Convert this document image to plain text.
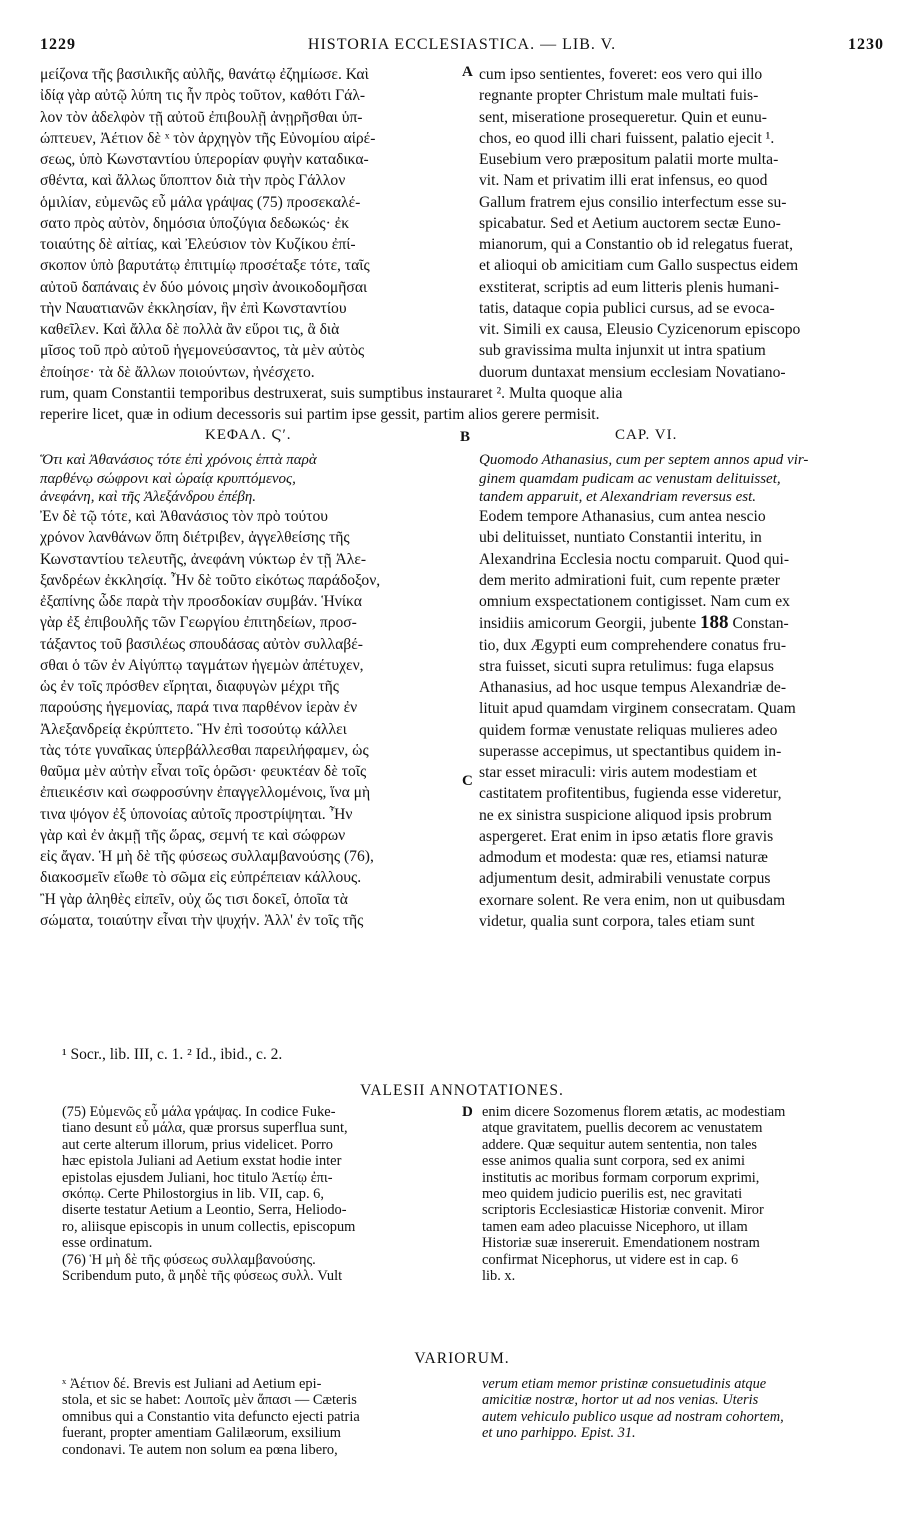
1229	HISTORIA ECCLESIASTICA. — LIB. V.	1230

μείζονα τῆς βασιλικῆς αὐλῆς, θανάτῳ ἐζημίωσε. Καὶ

ἰδίᾳ γὰρ αὐτῷ λύπη τις ἦν πρὸς τοῦτον, καθότι Γάλ-

λον τὸν ἀδελφὸν τῇ αὐτοῦ ἐπιβουλῇ ἀνῃρῆσθαι ὑπ-

ώπτευεν, Ἀέτιον δὲ ˣ τὸν ἀρχηγὸν τῆς Εὐνομίου αἱρέ-

σεως, ὑπὸ Κωνσταντίου ὑπερορίαν φυγὴν καταδικα-

σθέντα, καὶ ἄλλως ὕποπτον διὰ τὴν πρὸς Γάλλον

ὁμιλίαν, εὐμενῶς εὖ μάλα γράψας (75) προσεκαλέ-

σατο πρὸς αὐτὸν, δημόσια ὑποζύγια δεδωκώς· ἐκ

τοιαύτης δὲ αἰτίας, καὶ Ἐλεύσιον τὸν Κυζίκου ἐπί-

σκοπον ὑπὸ βαρυτάτῳ ἐπιτιμίῳ προσέταξε τότε, ταῖς

αὐτοῦ δαπάναις ἐν δύο μόνοις μησὶν ἀνοικοδομῆσαι

τὴν Ναυατιανῶν ἐκκλησίαν, ἣν ἐπὶ Κωνσταντίου

καθεῖλεν. Καὶ ἄλλα δὲ πολλὰ ἂν εὕροι τις, ἃ διὰ

μῖσος τοῦ πρὸ αὐτοῦ ἡγεμονεύσαντος, τὰ μὲν αὐτὸς

ἐποίησε· τὰ δὲ ἄλλων ποιούντων, ἠνέσχετο.

cum ipso sentientes, foveret: eos vero qui illo

regnante propter Christum male multati fuis-

sent, miseratione prosequeretur. Quin et eunu-

chos, eo quod illi chari fuissent, palatio ejecit ¹.

Eusebium vero præpositum palatii morte multa-

vit. Nam et privatim illi erat infensus, eo quod

Gallum fratrem ejus consilio interfectum esse su-

spicabatur. Sed et Aetium auctorem sectæ Euno-

mianorum, qui a Constantio ob id relegatus fuerat,

et alioqui ob amicitiam cum Gallo suspectus eidem

exstiterat, scriptis ad eum litteris plenis humani-

tatis, dataque copia publici cursus, ad se evoca-

vit. Simili ex causa, Eleusio Cyzicenorum episcopo

sub gravissima multa injunxit ut intra spatium

duorum duntaxat mensium ecclesiam Novatiano-

A
rum, quam Constantii temporibus destruxerat, suis sumptibus instauraret ². Multa quoque alia
reperire licet, quæ in odium decessoris sui partim ipse gessit, partim alios gerere permisit.
B
ΚΕΦΑΛ. Ϛʹ.	CAP. VI.

Ὅτι καὶ Ἀθανάσιος τότε ἐπὶ χρόνοις ἑπτὰ παρὰ

παρθένῳ σώφρονι καὶ ὡραίᾳ κρυπτόμενος,

ἀνεφάνη, καὶ τῆς Ἀλεξάνδρου ἐπέβη.

Quomodo Athanasius, cum per septem annos apud vir-

ginem quamdam pudicam ac venustam delituisset,

tandem apparuit, et Alexandriam reversus est.

Ἐν δὲ τῷ τότε, καὶ Ἀθανάσιος τὸν πρὸ τούτου

χρόνον λανθάνων ὅπη διέτριβεν, ἀγγελθείσης τῆς

Κωνσταντίου τελευτῆς, ἀνεφάνη νύκτωρ ἐν τῇ Ἀλε-

ξανδρέων ἐκκλησίᾳ. Ἦν δὲ τοῦτο εἰκότως παράδοξον,

ἐξαπίνης ὧδε παρὰ τὴν προσδοκίαν συμβάν. Ἡνίκα

γὰρ ἐξ ἐπιβουλῆς τῶν Γεωργίου ἐπιτηδείων, προσ-

τάξαντος τοῦ βασιλέως σπουδάσας αὐτὸν συλλαβέ-

σθαι ὁ τῶν ἐν Αἰγύπτῳ ταγμάτων ἡγεμὼν ἀπέτυχεν,

ὡς ἐν τοῖς πρόσθεν εἴρηται, διαφυγὼν μέχρι τῆς

παρούσης ἡγεμονίας, παρά τινα παρθένον ἱερὰν ἐν

Ἀλεξανδρείᾳ ἐκρύπτετο. Ἣν ἐπὶ τοσούτῳ κάλλει

τὰς τότε γυναῖκας ὑπερβάλλεσθαι παρειλήφαμεν, ὡς

θαῦμα μὲν αὐτὴν εἶναι τοῖς ὁρῶσι· φευκτέαν δὲ τοῖς

ἐπιεικέσιν καὶ σωφροσύνην ἐπαγγελλομένοις, ἵνα μὴ

τινα ψόγον ἐξ ὑπονοίας αὐτοῖς προστρίψηται. Ἦν

γὰρ καὶ ἐν ἀκμῇ τῆς ὥρας, σεμνή τε καὶ σώφρων

εἰς ἄγαν. Ἡ μὴ δὲ τῆς φύσεως συλλαμβανούσης (76),

διακοσμεῖν εἴωθε τὸ σῶμα εἰς εὐπρέπειαν κάλλους.

Ἢ γὰρ ἀληθὲς εἰπεῖν, οὐχ ὥς τισι δοκεῖ, ὁποῖα τὰ

σώματα, τοιαύτην εἶναι τὴν ψυχήν. Ἀλλ' ἐν τοῖς τῆς

Eodem tempore Athanasius, cum antea nescio

ubi delituisset, nuntiato Constantii interitu, in

Alexandrina Ecclesia noctu comparuit. Quod qui-

dem merito admirationi fuit, cum repente præter

omnium exspectationem contigisset. Nam cum ex

insidiis amicorum Georgii, jubente 188 Constan-

tio, dux Ægypti eum comprehendere conatus fru-

stra fuisset, sicuti supra retulimus: fuga elapsus

Athanasius, ad hoc usque tempus Alexandriæ de-

lituit apud quamdam virginem consecratam. Quam

quidem formæ venustate reliquas mulieres adeo

superasse accepimus, ut spectantibus quidem in-

star esset miraculi: viris autem modestiam et

castitatem profitentibus, fugienda esse videretur,

ne ex sinistra suspicione aliquod ipsis probrum

aspergeret. Erat enim in ipso ætatis flore gravis

admodum et modesta: quæ res, etiamsi naturæ

adjumentum desit, admirabili venustate corpus

exornare solent. Re vera enim, non ut quibusdam

videtur, qualia sunt corpora, tales etiam sunt

C
¹ Socr., lib. III, c. 1. ² Id., ibid., c. 2.
VALESII ANNOTATIONES.

(75) Εὐμενῶς εὖ μάλα γράψας. In codice Fuke-

tiano desunt εὖ μάλα, quæ prorsus superflua sunt,

aut certe alterum illorum, prius videlicet. Porro

hæc epistola Juliani ad Aetium exstat hodie inter

epistolas ejusdem Juliani, hoc titulo Ἀετίῳ ἐπι-

σκόπῳ. Certe Philostorgius in lib. VII, cap. 6,

diserte testatur Aetium a Leontio, Serra, Heliodo-

ro, aliisque episcopis in unum collectis, episcopum

esse ordinatum.

(76) Ἡ μὴ δὲ τῆς φύσεως συλλαμβανούσης.

Scribendum puto, ἃ μηδὲ τῆς φύσεως συλλ. Vult

enim dicere Sozomenus florem ætatis, ac modestiam

atque gravitatem, puellis decorem ac venustatem

addere. Quæ sequitur autem sententia, non tales

esse animos qualia sunt corpora, sed ex animi

institutis ac moribus formam corporum exprimi,

meo quidem judicio puerilis est, nec gravitati

scriptoris Ecclesiasticæ Historiæ convenit. Miror

tamen eam adeo placuisse Nicephoro, ut illam

Historiæ suæ insereruit. Emendationem nostram

confirmat Nicephorus, ut videre est in cap. 6

lib. x.

D
VARIORUM.

ˣ Ἀέτιον δέ. Brevis est Juliani ad Aetium epi-

stola, et sic se habet: Λοιποῖς μὲν ἅπασι — Cæteris

omnibus qui a Constantio vita defuncto ejecti patria

fuerant, propter amentiam Galilæorum, exsilium

condonavi. Te autem non solum ea pœna libero,

verum etiam memor pristinæ consuetudinis atque

amicitiæ nostræ, hortor ut ad nos venias. Uteris

autem vehiculo publico usque ad nostram cohortem,

et uno parhippo. Epist. 31.
